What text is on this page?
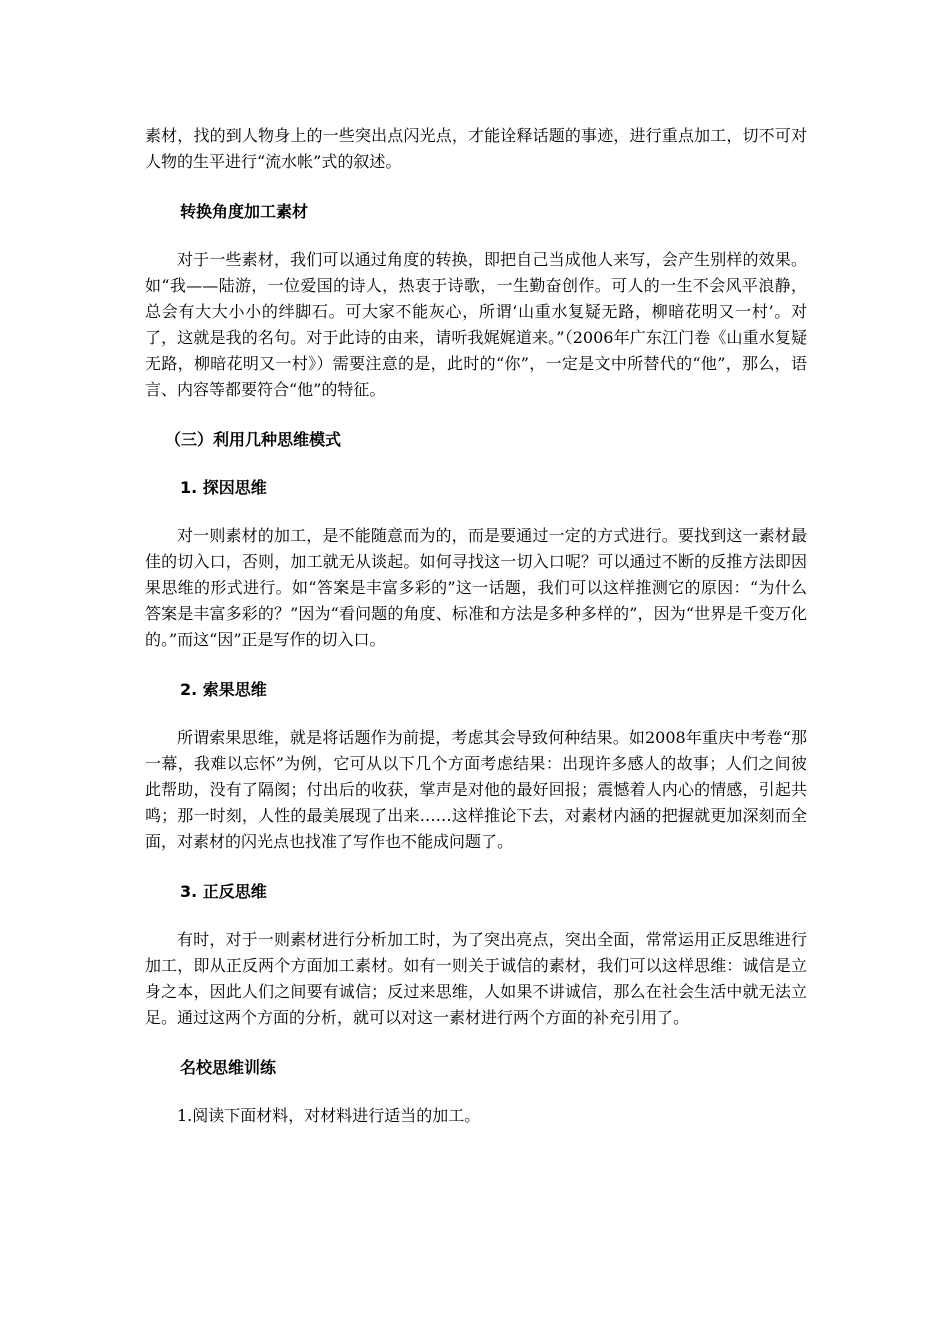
素材，找的到人物身上的一些突出点闪光点，才能诠释话题的事迹，进行重点加工，切不可对人物的生平进行“流水帐”式的叙述。

转换角度加工素材

对于一些素材，我们可以通过角度的转换，即把自己当成他人来写，会产生别样的效果。如“我——陆游，一位爱国的诗人，热衷于诗歌，一生勤奋创作。可人的一生不会风平浪静，总会有大大小小的绊脚石。可大家不能灰心，所谓‘山重水复疑无路，柳暗花明又一村’。对了，这就是我的名句。对于此诗的由来，请听我娓娓道来。”（2006年广东江门卷《山重水复疑无路，柳暗花明又一村》）需要注意的是，此时的“你”，一定是文中所替代的“他”，那么，语言、内容等都要符合“他”的特征。

（三）利用几种思维模式

1. 探因思维

对一则素材的加工，是不能随意而为的，而是要通过一定的方式进行。要找到这一素材最佳的切入口，否则，加工就无从谈起。如何寻找这一切入口呢？可以通过不断的反推方法即因果思维的形式进行。如“答案是丰富多彩的”这一话题，我们可以这样推测它的原因：“为什么答案是丰富多彩的？”因为“看问题的角度、标准和方法是多种多样的”，因为“世界是千变万化的。”而这“因”正是写作的切入口。

2. 索果思维

所谓索果思维，就是将话题作为前提，考虑其会导致何种结果。如2008年重庆中考卷“那一幕，我难以忘怀”为例，它可从以下几个方面考虑结果：出现许多感人的故事；人们之间彼此帮助，没有了隔阂；付出后的收获，掌声是对他的最好回报；震憾着人内心的情感，引起共鸣；那一时刻，人性的最美展现了出来……这样推论下去，对素材内涵的把握就更加深刻而全面，对素材的闪光点也找准了写作也不能成问题了。

3. 正反思维

有时，对于一则素材进行分析加工时，为了突出亮点，突出全面，常常运用正反思维进行加工，即从正反两个方面加工素材。如有一则关于诚信的素材，我们可以这样思维：诚信是立身之本，因此人们之间要有诚信；反过来思维，人如果不讲诚信，那么在社会生活中就无法立足。通过这两个方面的分析，就可以对这一素材进行两个方面的补充引用了。

名校思维训练

1.阅读下面材料，对材料进行适当的加工。
